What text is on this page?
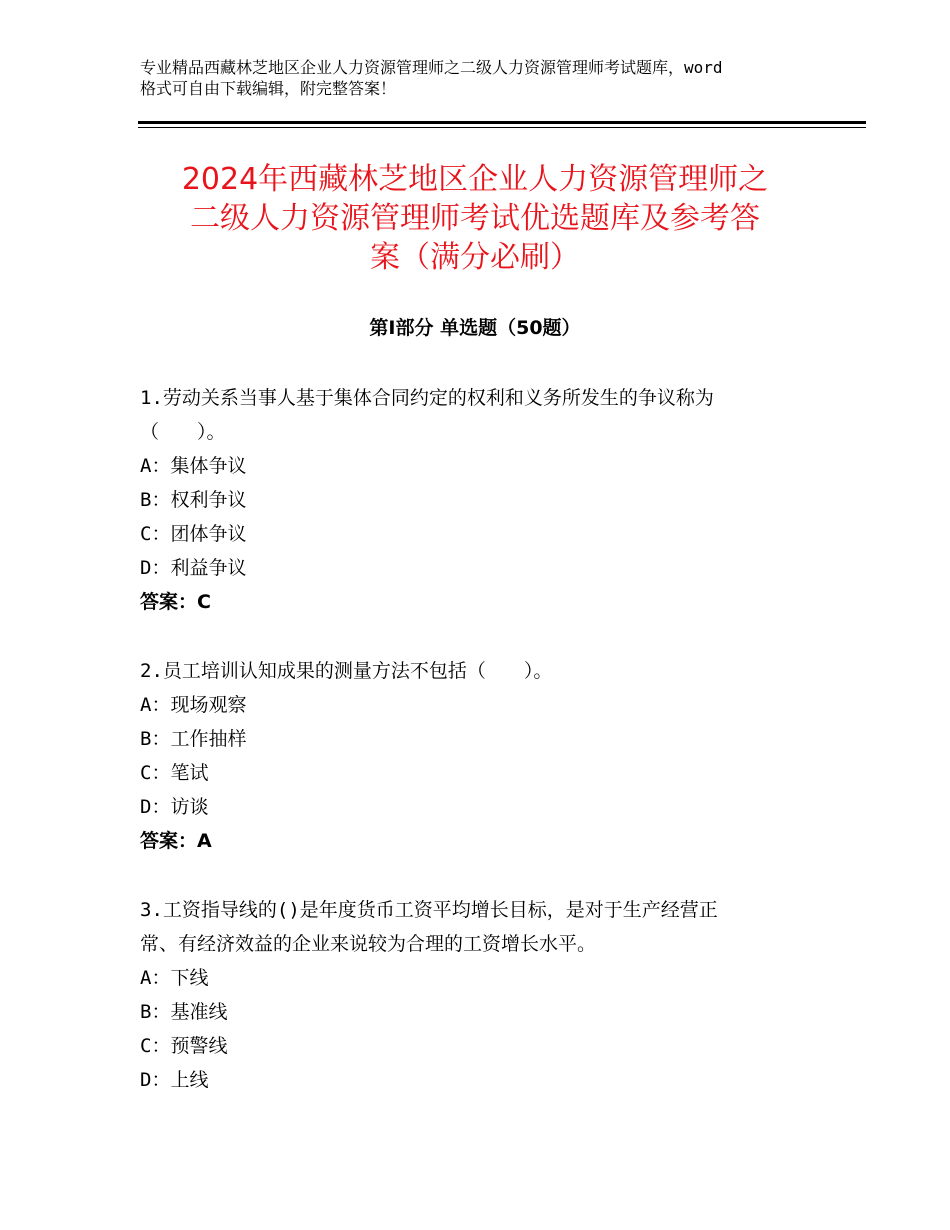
专业精品西藏林芝地区企业人力资源管理师之二级人力资源管理师考试题库，word
格式可自由下载编辑，附完整答案！
2024年西藏林芝地区企业人力资源管理师之
二级人力资源管理师考试优选题库及参考答
案（满分必刷）
第Ⅰ部分 单选题（50题）
1.劳动关系当事人基于集体合同约定的权利和义务所发生的争议称为
（　　）。
A：集体争议
B：权利争议
C：团体争议
D：利益争议
答案：C
2.员工培训认知成果的测量方法不包括（　　）。
A：现场观察
B：工作抽样
C：笔试
D：访谈
答案：A
3.工资指导线的()是年度货币工资平均增长目标，是对于生产经营正
常、有经济效益的企业来说较为合理的工资增长水平。
A：下线
B：基准线
C：预警线
D：上线
